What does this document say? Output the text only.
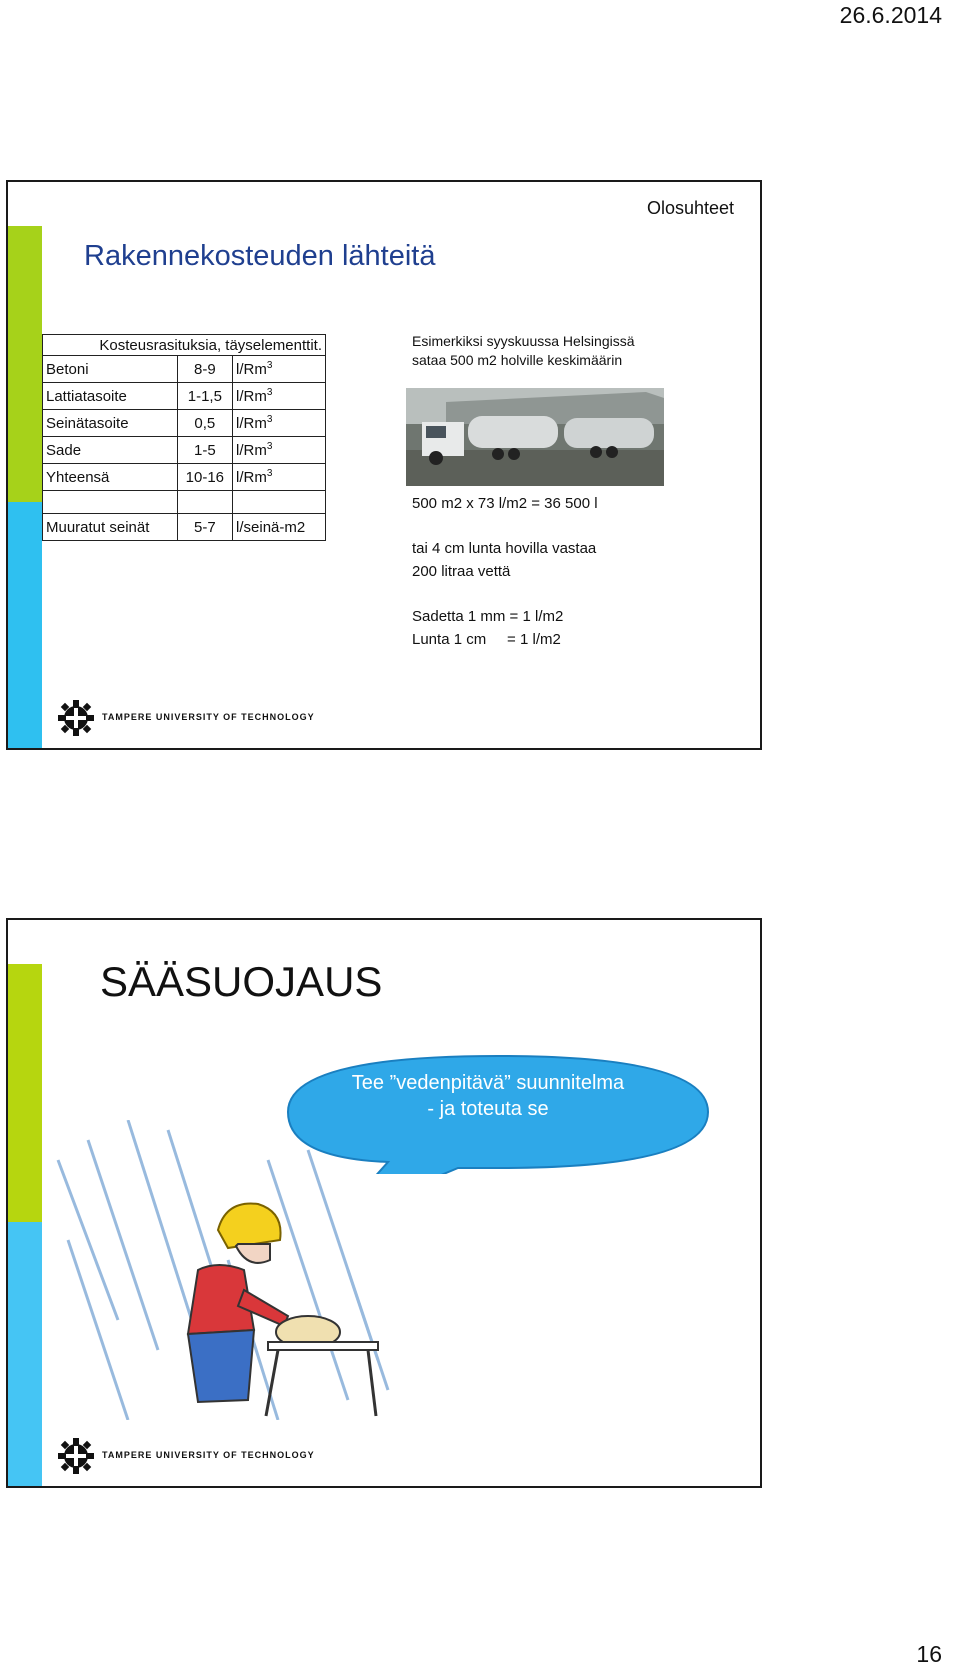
26.6.2014
Olosuhteet
Rakennekosteuden lähteitä
Kosteusrasituksia, täyselementtit.		
Betoni	8-9	l/Rm$^3$
Lattiatasoite	1-1,5	l/Rm$^3$
Seinätasoite	0,5	l/Rm$^3$
Sade	1-5	l/Rm$^3$
Yhteensä	10-16	l/Rm$^3$

Muuratut seinät	5-7	l/seinä-m2
Esimerkiksi syyskuussa Helsingissä
sataa 500 m2 holville keskimäärin
500 m2 x 73 l/m2 = 36 500 l
tai 4 cm lunta hovilla vastaa
200 litraa vettä
Sadetta 1 mm = 1 l/m2
Lunta 1 cm     = 1 l/m2
TAMPERE UNIVERSITY OF TECHNOLOGY
SÄÄSUOJAUS
Tee ”vedenpitävä” suunnitelma
- ja toteuta se
TAMPERE UNIVERSITY OF TECHNOLOGY
16
